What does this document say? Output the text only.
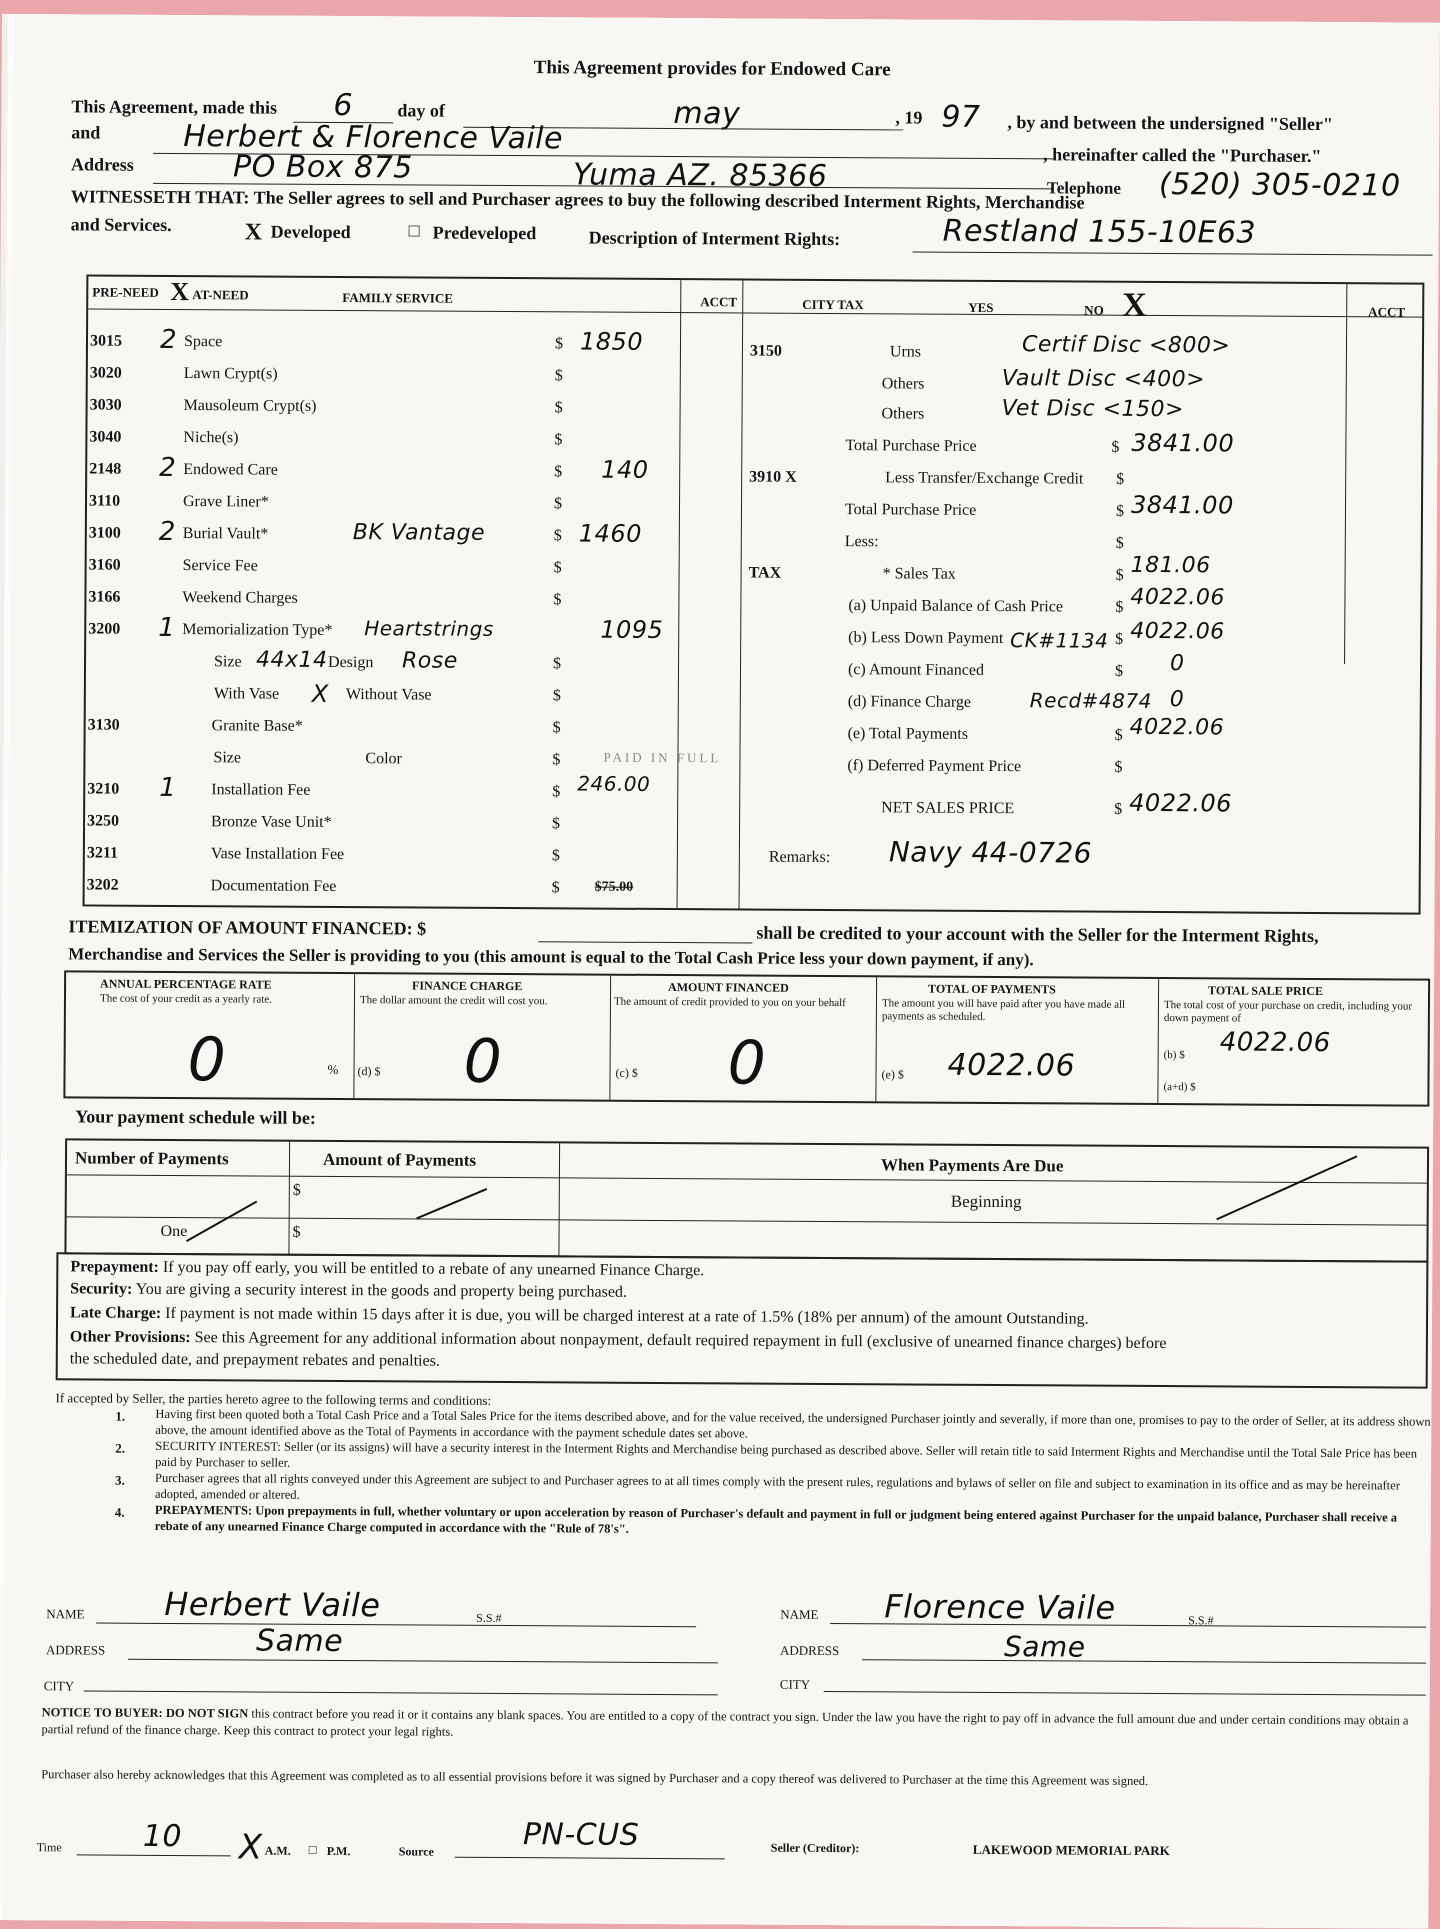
This Agreement provides for Endowed Care
This Agreement, made this 6 day of	may	, 19 97 , by and between the undersigned "Seller"
and	Herbert & Florence Vaile	, hereinafter called the "Purchaser."
Address	PO Box 875	Yuma AZ. 85366	Telephone (520) 305-0210
WITNESSETH THAT: The Seller agrees to sell and Purchaser agrees to buy the following described Interment Rights, Merchandise
and Services.	X Developed	□ Predeveloped	Description of Interment Rights:	Restland 155-10E63
PRE-NEED X AT-NEED	FAMILY SERVICE	ACCT	CITY TAX	YES	NO X	ACCT
3015 2 Space	$ 1850
3020	Lawn Crypt(s)	$
3030	Mausoleum Crypt(s)	$
3040	Niche(s)	$
2148 2 Endowed Care	$ 140
3110	Grave Liner*	$
3100 2 Burial Vault*	BK Vantage	$ 1460
3160	Service Fee	$
3166	Weekend Charges	$
3200 1 Memorialization Type* Heartstrings	1095
Size 44x14 Design Rose	$
With Vase X Without Vase	$
3130	Granite Base*	$
Size	Color	$	PAID IN FULL
3210 1 Installation Fee	$ 246.00
3250	Bronze Vase Unit*	$
3211	Vase Installation Fee	$
3202	Documentation Fee	$ $75.00
3150	Urns	Certif Disc <800>
Others	Vault Disc <400>
Others	Vet Disc <150>
Total Purchase Price	$ 3841.00
3910 X	Less Transfer/Exchange Credit $
Total Purchase Price	$ 3841.00
Less:	$
TAX	* Sales Tax	$ 181.06
(a) Unpaid Balance of Cash Price	$ 4022.06
(b) Less Down Payment CK#1134 $ 4022.06
(c) Amount Financed	$ 0
(d) Finance Charge	Recd#4874 0
(e) Total Payments	$ 4022.06
(f) Deferred Payment Price	$
NET SALES PRICE	$ 4022.06
Remarks: Navy 44-0726
ITEMIZATION OF AMOUNT FINANCED: $	shall be credited to your account with the Seller for the Interment Rights,
Merchandise and Services the Seller is providing to you (this amount is equal to the Total Cash Price less your down payment, if any).
ANNUAL PERCENTAGE RATE
The cost of your credit as a yearly rate.
0	%
FINANCE CHARGE
The dollar amount the credit will cost you.
(d) $ 0
AMOUNT FINANCED
The amount of credit provided to you on your behalf
(c) $ 0
TOTAL OF PAYMENTS
The amount you will have paid after you have made all payments as scheduled.
(e) $ 4022.06
TOTAL SALE PRICE
The total cost of your purchase on credit, including your down payment of
(b) $ 4022.06
(a+d) $
Your payment schedule will be:
Number of Payments	Amount of Payments	When Payments Are Due
$
Beginning
One	$
Prepayment: If you pay off early, you will be entitled to a rebate of any unearned Finance Charge.
Security: You are giving a security interest in the goods and property being purchased.
Late Charge: If payment is not made within 15 days after it is due, you will be charged interest at a rate of 1.5% (18% per annum) of the amount Outstanding.
Other Provisions: See this Agreement for any additional information about nonpayment, default required repayment in full (exclusive of unearned finance charges) before
the scheduled date, and prepayment rebates and penalties.
If accepted by Seller, the parties hereto agree to the following terms and conditions:
1. Having first been quoted both a Total Cash Price and a Total Sales Price for the items described above, and for the value received, the undersigned Purchaser jointly and severally, if more than one, promises to pay to the order of Seller, at its address shown above, the amount identified above as the Total of Payments in accordance with the payment schedule dates set above.
2. SECURITY INTEREST: Seller (or its assigns) will have a security interest in the Interment Rights and Merchandise being purchased as described above. Seller will retain title to said Interment Rights and Merchandise until the Total Sale Price has been paid by Purchaser to seller.
3. Purchaser agrees that all rights conveyed under this Agreement are subject to and Purchaser agrees to at all times comply with the present rules, regulations and bylaws of seller on file and subject to examination in its office and as may be hereinafter adopted, amended or altered.
4. PREPAYMENTS: Upon prepayments in full, whether voluntary or upon acceleration by reason of Purchaser's default and payment in full or judgment being entered against Purchaser for the unpaid balance, Purchaser shall receive a rebate of any unearned Finance Charge computed in accordance with the "Rule of 78's".
NAME Herbert Vaile	S.S.#
ADDRESS	Same
CITY
NAME Florence Vaile	S.S.#
ADDRESS	Same
CITY
NOTICE TO BUYER: DO NOT SIGN this contract before you read it or it contains any blank spaces. You are entitled to a copy of the contract you sign. Under the law you have the right to pay off in advance the full amount due and under certain conditions may obtain a partial refund of the finance charge. Keep this contract to protect your legal rights.
Purchaser also hereby acknowledges that this Agreement was completed as to all essential provisions before it was signed by Purchaser and a copy thereof was delivered to Purchaser at the time this Agreement was signed.
Time	10 X A.M. □ P.M.	Source	PN-CUS	Seller (Creditor):	LAKEWOOD MEMORIAL PARK
